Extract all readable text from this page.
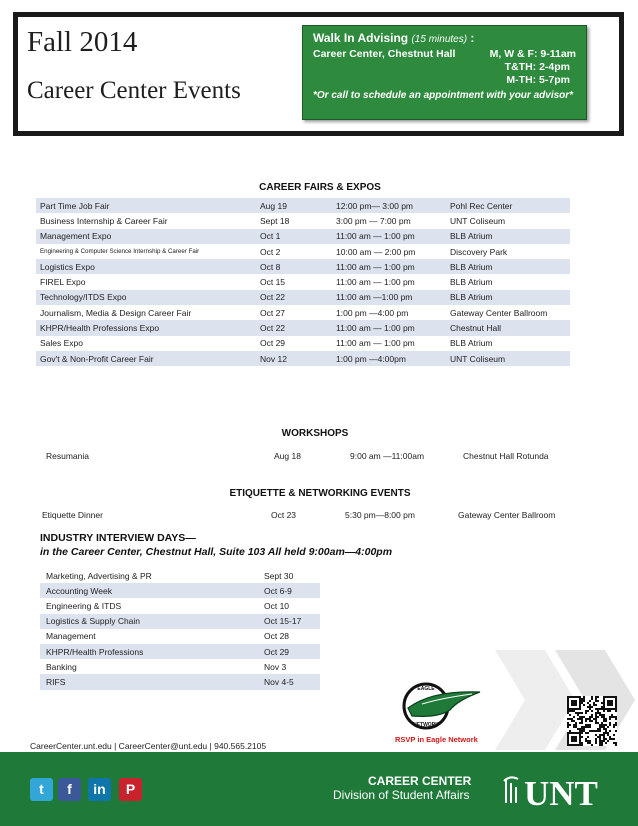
Fall 2014
Career Center Events
Walk In Advising (15 minutes) :
Career Center, Chestnut Hall	M, W & F: 9-11am
T&TH: 2-4pm
M-TH: 5-7pm
*Or call to schedule an appointment with your advisor*
CAREER FAIRS & EXPOS
Part Time Job Fair	Aug 19	12:00 pm— 3:00 pm	Pohl Rec Center
Business Internship & Career Fair	Sept 18	3:00 pm — 7:00 pm	UNT Coliseum
Management Expo	Oct 1	11:00 am — 1:00 pm	BLB Atrium
Engineering & Computer Science Internship & Career Fair	Oct 2	10:00 am — 2:00 pm	Discovery Park
Logistics Expo	Oct 8	11:00 am — 1:00 pm	BLB Atrium
FIREL Expo	Oct 15	11:00 am — 1:00 pm	BLB Atrium
Technology/ITDS Expo	Oct 22	11:00 am —1:00 pm	BLB Atrium
Journalism, Media & Design Career Fair	Oct 27	1:00 pm —4:00 pm	Gateway Center Ballroom
KHPR/Health Professions Expo	Oct 22	11:00 am — 1:00 pm	Chestnut Hall
Sales Expo	Oct 29	11:00 am — 1:00 pm	BLB Atrium
Gov't & Non-Profit Career Fair	Nov 12	1:00 pm —4:00pm	UNT Coliseum
WORKSHOPS
Resumania	Aug 18	9:00 am —11:00am	Chestnut Hall Rotunda
ETIQUETTE & NETWORKING EVENTS
Etiquette Dinner	Oct 23	5:30 pm—8:00 pm	Gateway Center Ballroom
INDUSTRY INTERVIEW DAYS—
in the Career Center, Chestnut Hall, Suite 103 All held 9:00am—4:00pm
Marketing, Advertising & PR	Sept 30
Accounting Week	Oct 6-9
Engineering & ITDS	Oct 10
Logistics & Supply Chain	Oct 15-17
Management	Oct 28
KHPR/Health Professions	Oct 29
Banking	Nov 3
RIFS	Nov 4-5
EAGLE
NETWORK
RSVP in Eagle Network
CareerCenter.unt.edu | CareerCenter@unt.edu | 940.565.2105
t	f	in	P	CAREER CENTER
Division of Student Affairs UNT
